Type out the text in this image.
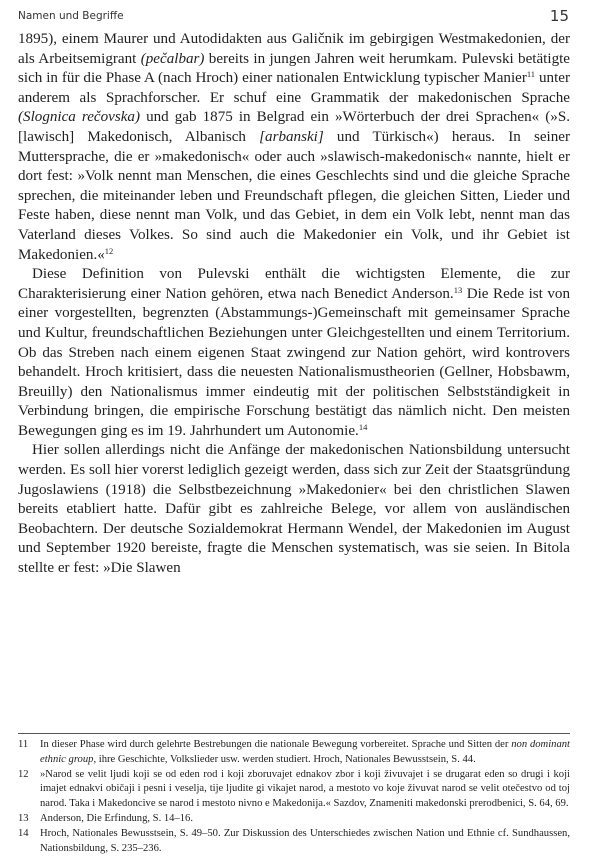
Namen und Begriffe	15

1895), einem Maurer und Autodidakten aus Galičnik im gebirgigen Westmakedonien, der als Arbeitsemigrant (pečalbar) bereits in jungen Jahren weit herumkam. Pulevski betätigte sich in für die Phase A (nach Hroch) einer nationalen Entwicklung typischer Manier$^{11}$ unter anderem als Sprachforscher. Er schuf eine Grammatik der makedonischen Sprache (Slognica rečovska) und gab 1875 in Belgrad ein »Wörterbuch der drei Sprachen« (»S.[lawisch] Makedonisch, Albanisch [arbanski] und Türkisch«) heraus. In seiner Muttersprache, die er »makedonisch« oder auch »slawisch-makedonisch« nannte, hielt er dort fest: »Volk nennt man Menschen, die eines Geschlechts sind und die gleiche Sprache sprechen, die miteinander leben und Freundschaft pflegen, die gleichen Sitten, Lieder und Feste haben, diese nennt man Volk, und das Gebiet, in dem ein Volk lebt, nennt man das Vaterland dieses Volkes. So sind auch die Makedonier ein Volk, und ihr Gebiet ist Makedonien.«$^{12}$

Diese Definition von Pulevski enthält die wichtigsten Elemente, die zur Charakterisierung einer Nation gehören, etwa nach Benedict Anderson.$^{13}$ Die Rede ist von einer vorgestellten, begrenzten (Abstammungs-)Gemeinschaft mit gemeinsamer Sprache und Kultur, freundschaftlichen Beziehungen unter Gleichgestellten und einem Territorium. Ob das Streben nach einem eigenen Staat zwingend zur Nation gehört, wird kontrovers behandelt. Hroch kritisiert, dass die neuesten Nationalismustheorien (Gellner, Hobsbawm, Breuilly) den Nationalismus immer eindeutig mit der politischen Selbstständigkeit in Verbindung bringen, die empirische Forschung bestätigt das nämlich nicht. Den meisten Bewegungen ging es im 19. Jahrhundert um Autonomie.$^{14}$

Hier sollen allerdings nicht die Anfänge der makedonischen Nationsbildung untersucht werden. Es soll hier vorerst lediglich gezeigt werden, dass sich zur Zeit der Staatsgründung Jugoslawiens (1918) die Selbstbezeichnung »Makedonier« bei den christlichen Slawen bereits etabliert hatte. Dafür gibt es zahlreiche Belege, vor allem von ausländischen Beobachtern. Der deutsche Sozialdemokrat Hermann Wendel, der Makedonien im August und September 1920 bereiste, fragte die Menschen systematisch, was sie seien. In Bitola stellte er fest: »Die Slawen

11	In dieser Phase wird durch gelehrte Bestrebungen die nationale Bewegung vorbereitet. Sprache und Sitten der non dominant ethnic group, ihre Geschichte, Volkslieder usw. werden studiert. Hroch, Nationales Bewusstsein, S. 44.
12	»Narod se velit ljudi koji se od eden rod i koji zboruvajet ednakov zbor i koji živuvajet i se drugarat eden so drugi i koji imajet ednakvi običaji i pesni i veselja, tije ljudite gi vikajet narod, a mestoto vo koje živuvat narod se velit otečestvo od toj narod. Taka i Makedoncive se narod i mestoto nivno e Makedonija.« Sazdov, Znameniti makedonski prerodbenici, S. 64, 69.
13	Anderson, Die Erfindung, S. 14–16.
14	Hroch, Nationales Bewusstsein, S. 49–50. Zur Diskussion des Unterschiedes zwischen Nation und Ethnie cf. Sundhaussen, Nationsbildung, S. 235–236.
